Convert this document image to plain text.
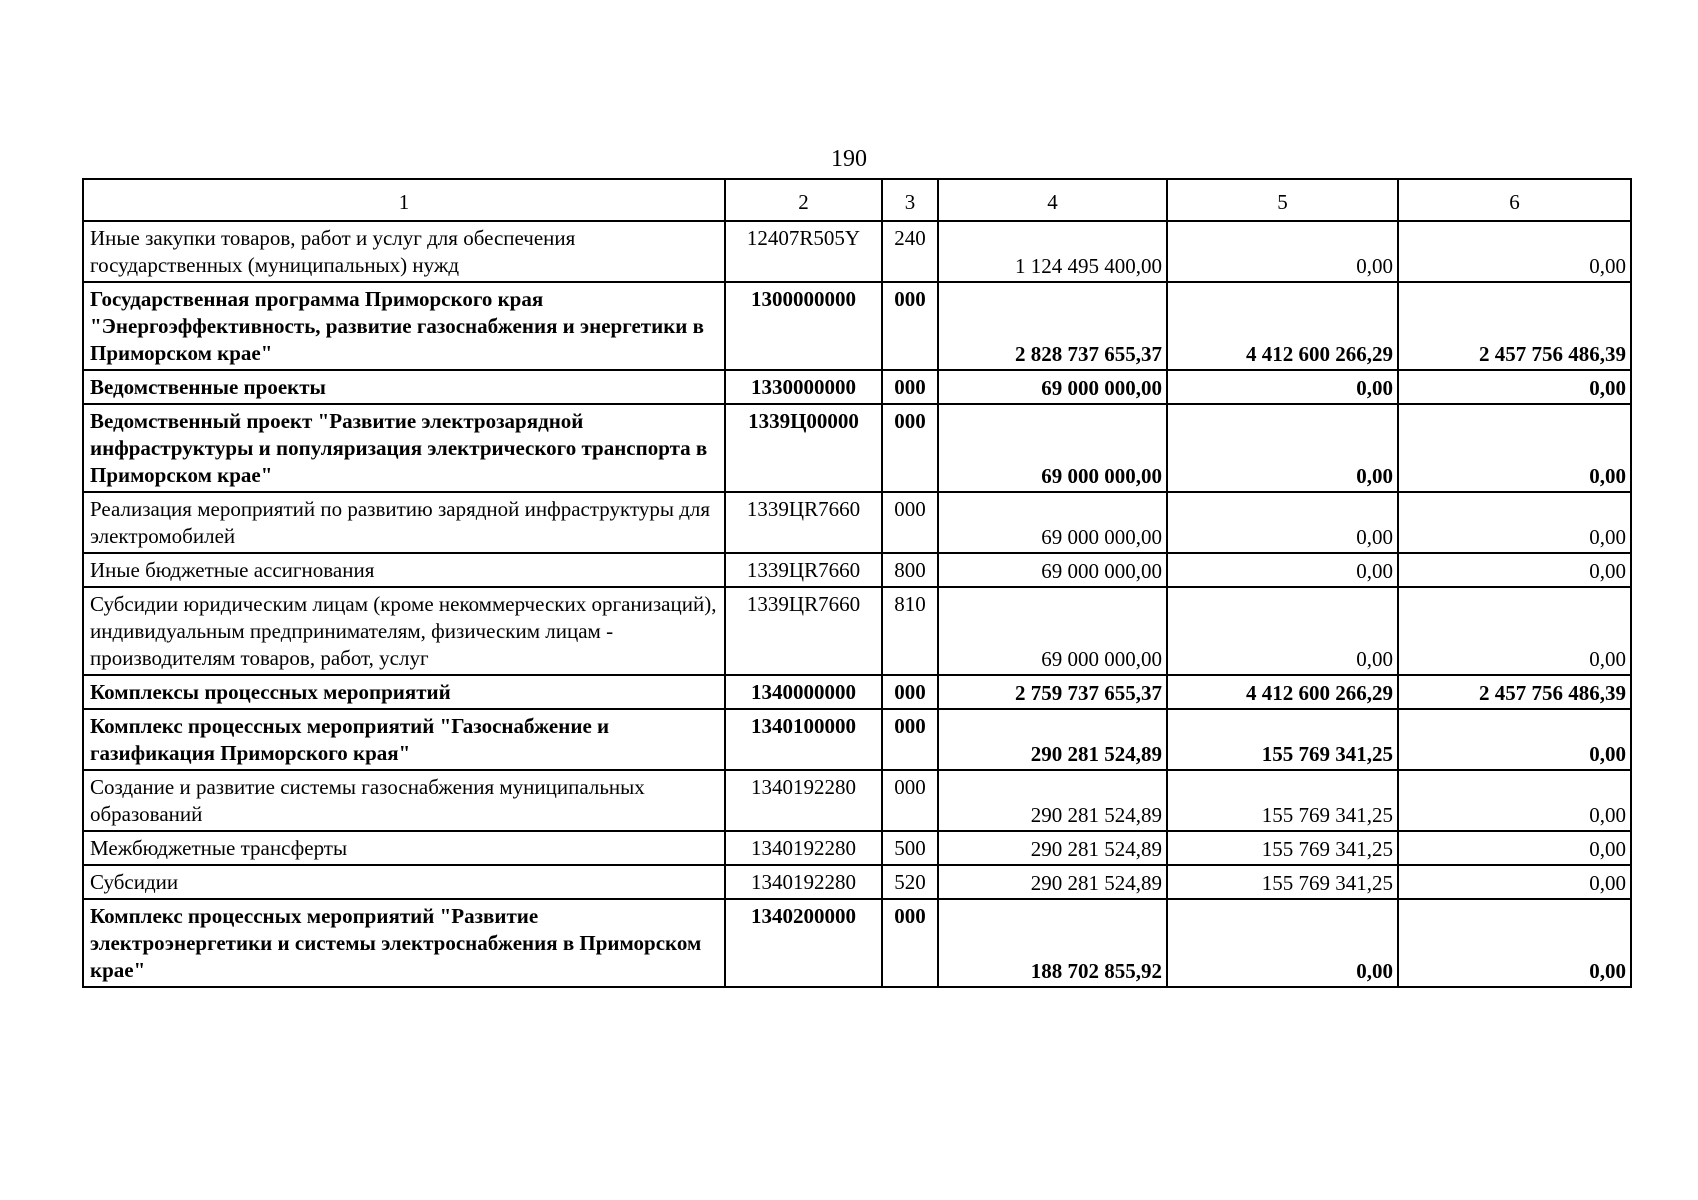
190
1	2	3	4	5	6
Иные закупки товаров, работ и услуг для обеспечения государственных (муниципальных) нужд	12407R505Y	240	1 124 495 400,00	0,00	0,00
Государственная программа Приморского края "Энергоэффективность, развитие газоснабжения и энергетики в Приморском крае"	1300000000	000	2 828 737 655,37	4 412 600 266,29	2 457 756 486,39
Ведомственные проекты	1330000000	000	69 000 000,00	0,00	0,00
Ведомственный проект "Развитие электрозарядной инфраструктуры и популяризация электрического транспорта в Приморском крае"	1339Ц00000	000	69 000 000,00	0,00	0,00
Реализация мероприятий по развитию зарядной инфраструктуры для электромобилей	1339ЦR7660	000	69 000 000,00	0,00	0,00
Иные бюджетные ассигнования	1339ЦR7660	800	69 000 000,00	0,00	0,00
Субсидии юридическим лицам (кроме некоммерческих организаций), индивидуальным предпринимателям, физическим лицам - производителям товаров, работ, услуг	1339ЦR7660	810	69 000 000,00	0,00	0,00
Комплексы процессных мероприятий	1340000000	000	2 759 737 655,37	4 412 600 266,29	2 457 756 486,39
Комплекс процессных мероприятий "Газоснабжение и газификация Приморского края"	1340100000	000	290 281 524,89	155 769 341,25	0,00
Создание и развитие системы газоснабжения муниципальных образований	1340192280	000	290 281 524,89	155 769 341,25	0,00
Межбюджетные трансферты	1340192280	500	290 281 524,89	155 769 341,25	0,00
Субсидии	1340192280	520	290 281 524,89	155 769 341,25	0,00
Комплекс процессных мероприятий "Развитие электроэнергетики и системы электроснабжения в Приморском крае"	1340200000	000	188 702 855,92	0,00	0,00
